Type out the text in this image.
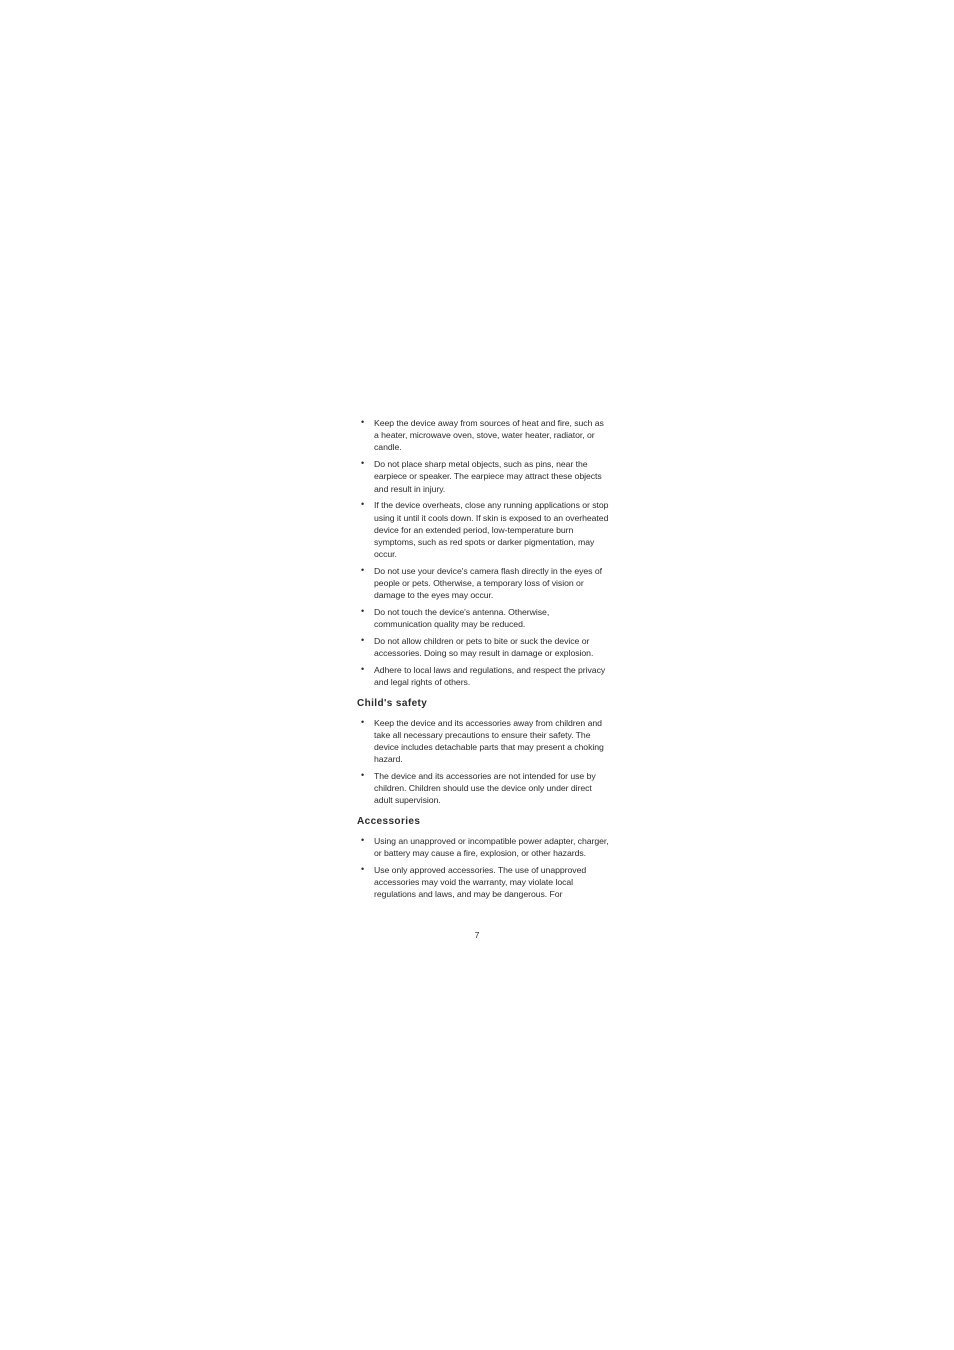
• Keep the device away from sources of heat and fire, such as a heater, microwave oven, stove, water heater, radiator, or candle.
• Do not place sharp metal objects, such as pins, near the earpiece or speaker. The earpiece may attract these objects and result in injury.
• If the device overheats, close any running applications or stop using it until it cools down. If skin is exposed to an overheated device for an extended period, low-temperature burn symptoms, such as red spots or darker pigmentation, may occur.
• Do not use your device's camera flash directly in the eyes of people or pets. Otherwise, a temporary loss of vision or damage to the eyes may occur.
• Do not touch the device's antenna. Otherwise, communication quality may be reduced.
• Do not allow children or pets to bite or suck the device or accessories. Doing so may result in damage or explosion.
• Adhere to local laws and regulations, and respect the privacy and legal rights of others.
Child's safety
• Keep the device and its accessories away from children and take all necessary precautions to ensure their safety. The device includes detachable parts that may present a choking hazard.
• The device and its accessories are not intended for use by children. Children should use the device only under direct adult supervision.
Accessories
• Using an unapproved or incompatible power adapter, charger, or battery may cause a fire, explosion, or other hazards.
• Use only approved accessories. The use of unapproved accessories may void the warranty, may violate local regulations and laws, and may be dangerous. For
7
